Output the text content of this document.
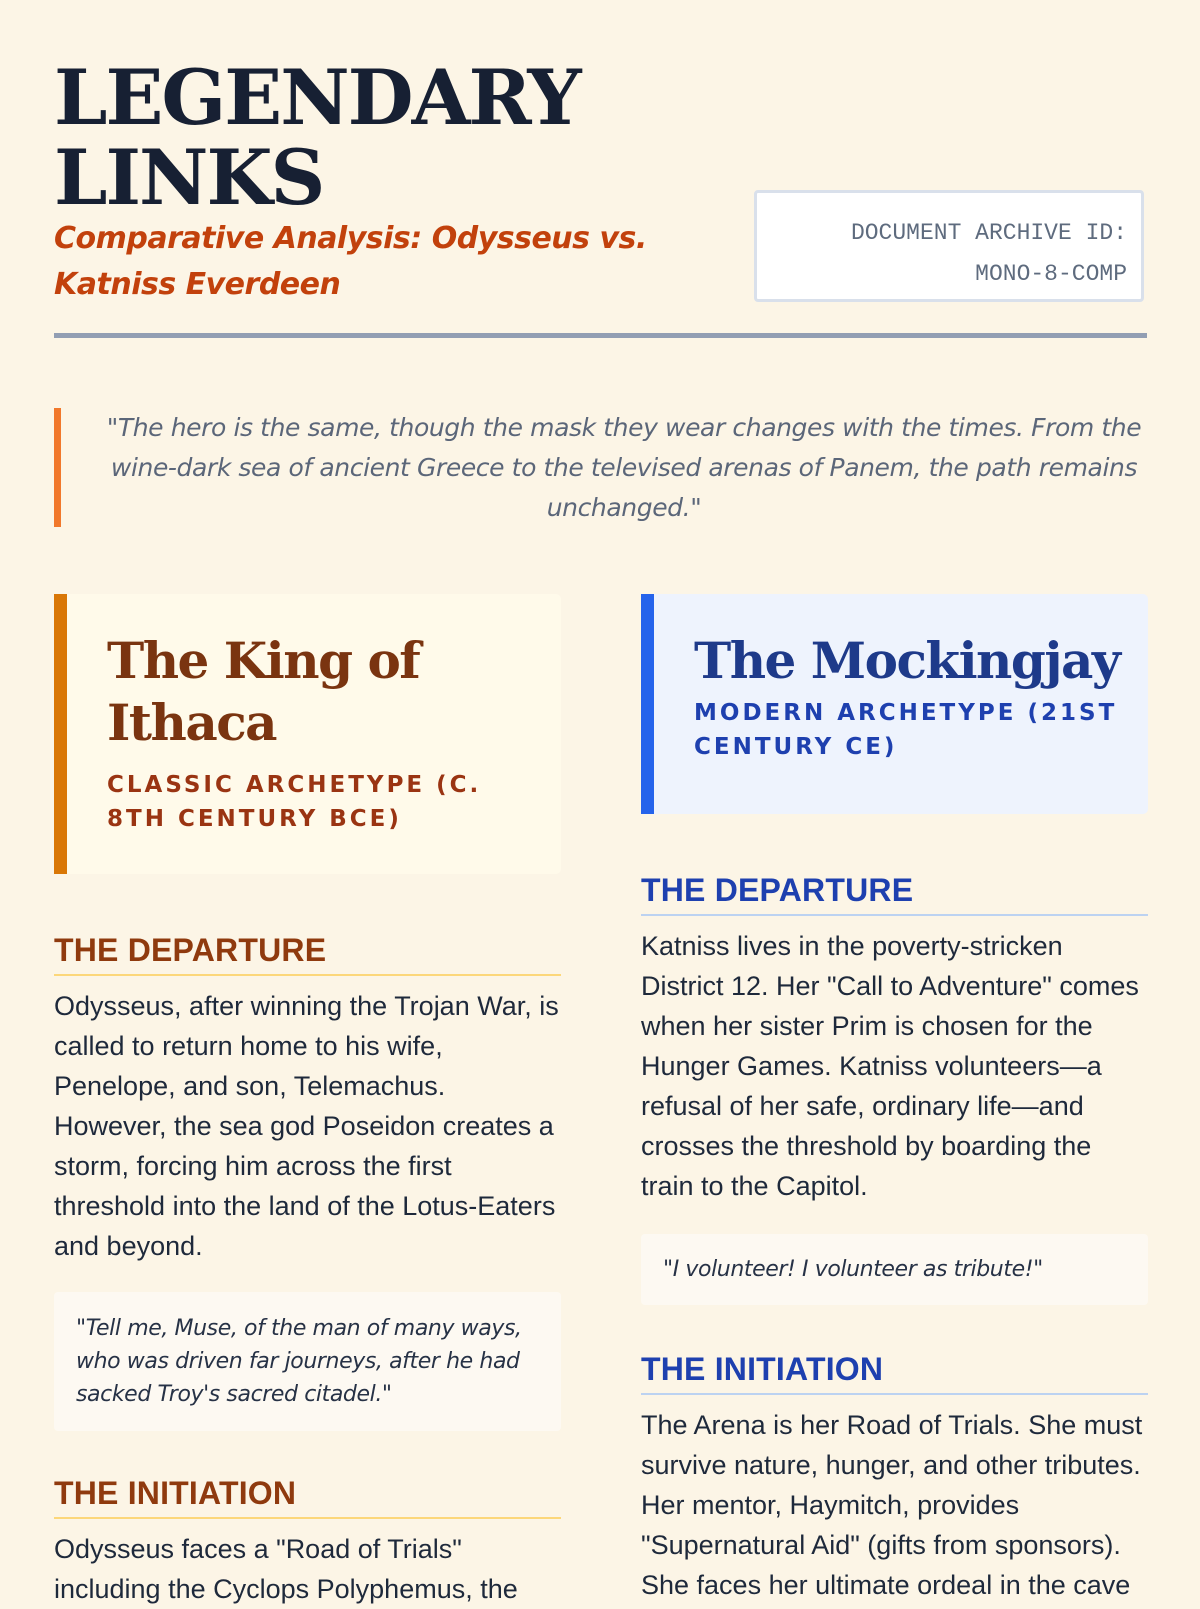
LEGENDARY
LINKS
Comparative Analysis: Odysseus vs. Katniss Everdeen
DOCUMENT ARCHIVE ID:
MONO-8-COMP
"The hero is the same, though the mask they wear changes with the times. From the wine-dark sea of ancient Greece to the televised arenas of Panem, the path remains unchanged."
The King of Ithaca
CLASSIC ARCHETYPE (C. 8TH CENTURY BCE)
THE DEPARTURE

Odysseus, after winning the Trojan War, is called to return home to his wife, Penelope, and son, Telemachus. However, the sea god Poseidon creates a storm, forcing him across the first threshold into the land of the Lotus-Eaters and beyond.

"Tell me, Muse, of the man of many ways, who was driven far journeys, after he had sacked Troy's sacred citadel."
THE INITIATION

Odysseus faces a "Road of Trials" including the Cyclops Polyphemus, the

The Mockingjay
MODERN ARCHETYPE (21ST CENTURY CE)
THE DEPARTURE

Katniss lives in the poverty-stricken District 12. Her "Call to Adventure" comes when her sister Prim is chosen for the Hunger Games. Katniss volunteers—a refusal of her safe, ordinary life—and crosses the threshold by boarding the train to the Capitol.

"I volunteer! I volunteer as tribute!"
THE INITIATION

The Arena is her Road of Trials. She must survive nature, hunger, and other tributes. Her mentor, Haymitch, provides "Supernatural Aid" (gifts from sponsors). She faces her ultimate ordeal in the cave
